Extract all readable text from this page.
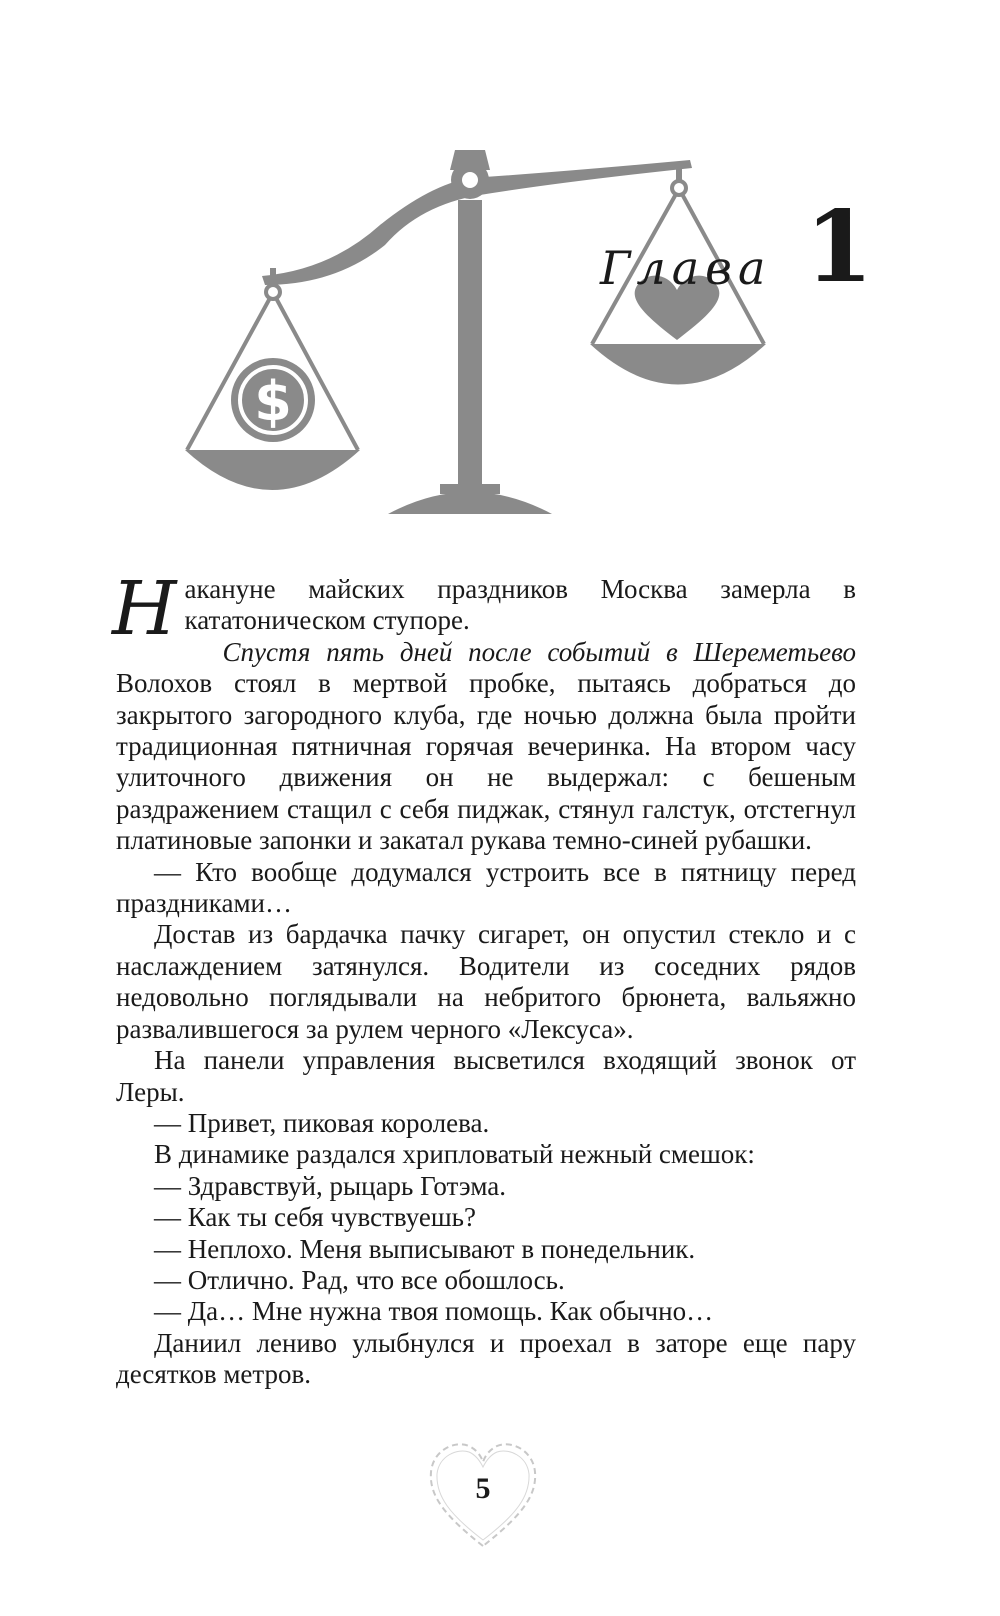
$
Глава 1

Накануне майских праздников Москва замерла в кататоническом ступоре.

Спустя пять дней после событий в Шереметьево Волохов стоял в мертвой пробке, пытаясь добраться до закрытого загородного клуба, где ночью должна была пройти традиционная пятничная горячая вечеринка. На втором часу улиточного движения он не выдержал: с бешеным раздражением стащил с себя пиджак, стянул галстук, отстегнул платиновые запонки и закатал рукава темно-синей рубашки.

— Кто вообще додумался устроить все в пятницу перед праздниками…

Достав из бардачка пачку сигарет, он опустил стекло и с наслаждением затянулся. Водители из соседних рядов недовольно поглядывали на небритого брюнета, вальяжно развалившегося за рулем черного «Лексуса».

На панели управления высветился входящий звонок от Леры.

— Привет, пиковая королева.

В динамике раздался хрипловатый нежный смешок:

— Здравствуй, рыцарь Готэма.

— Как ты себя чувствуешь?

— Неплохо. Меня выписывают в понедельник.

— Отлично. Рад, что все обошлось.

— Да… Мне нужна твоя помощь. Как обычно…

Даниил лениво улыбнулся и проехал в заторе еще пару десятков метров.

5
